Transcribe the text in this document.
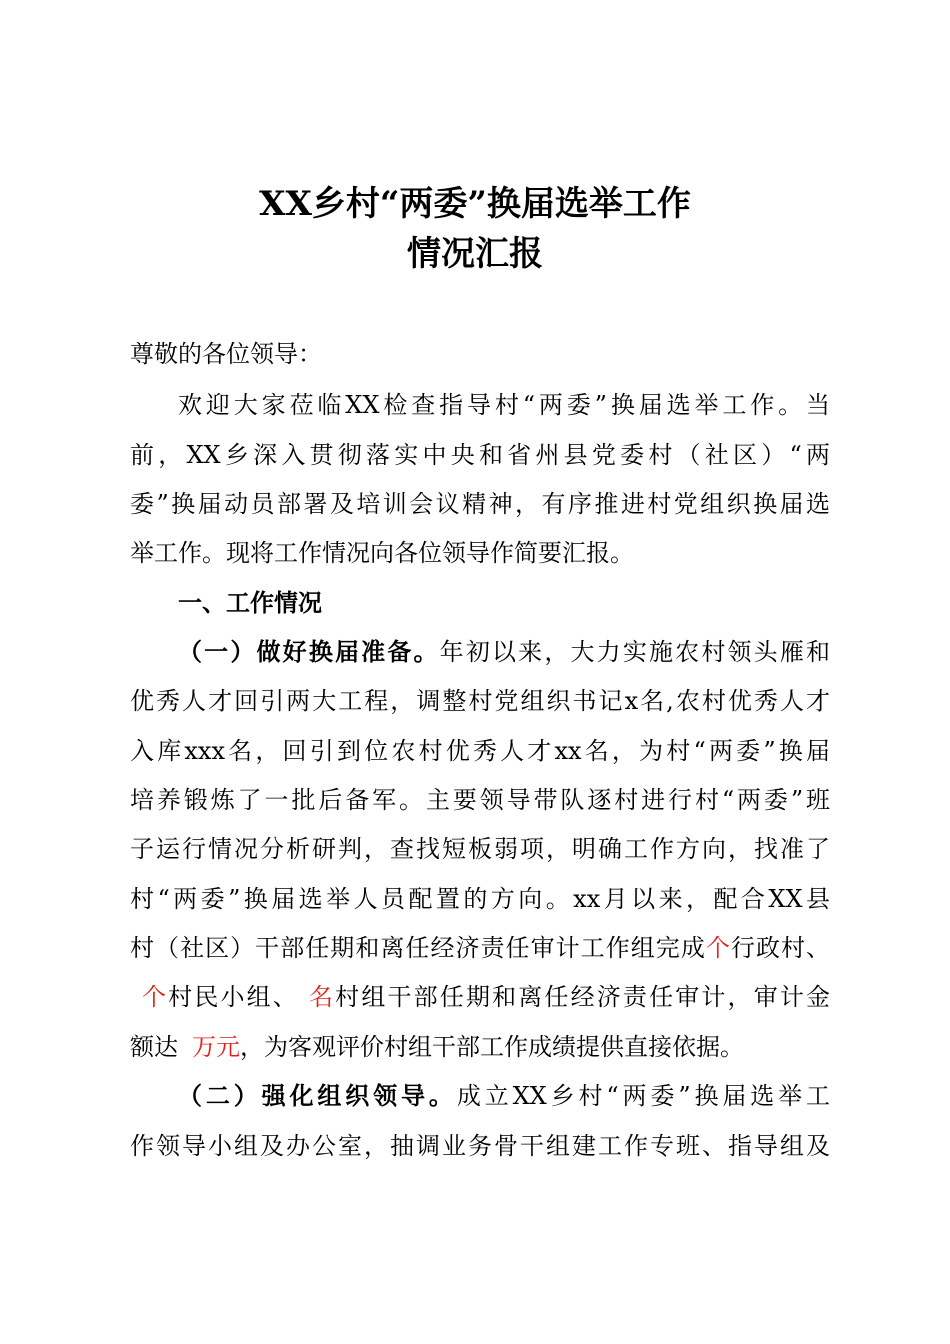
XX乡村“两委”换届选举工作
情况汇报
尊敬的各位领导：
欢迎大家莅临XX检查指导村“两委”换届选举工作。当
前，XX乡深入贯彻落实中央和省州县党委村（社区）“两
委”换届动员部署及培训会议精神，有序推进村党组织换届选
举工作。现将工作情况向各位领导作简要汇报。
一、工作情况
（一）做好换届准备。年初以来，大力实施农村领头雁和
优秀人才回引两大工程，调整村党组织书记x名,农村优秀人才
入库xxx名，回引到位农村优秀人才xx名，为村“两委”换届
培养锻炼了一批后备军。主要领导带队逐村进行村“两委”班
子运行情况分析研判，查找短板弱项，明确工作方向，找准了
村“两委”换届选举人员配置的方向。xx月以来，配合XX县
村（社区）干部任期和离任经济责任审计工作组完成个行政村、
个村民小组、 名村组干部任期和离任经济责任审计，审计金
额达 万元，为客观评价村组干部工作成绩提供直接依据。
（二）强化组织领导。成立XX乡村“两委”换届选举工
作领导小组及办公室，抽调业务骨干组建工作专班、指导组及
